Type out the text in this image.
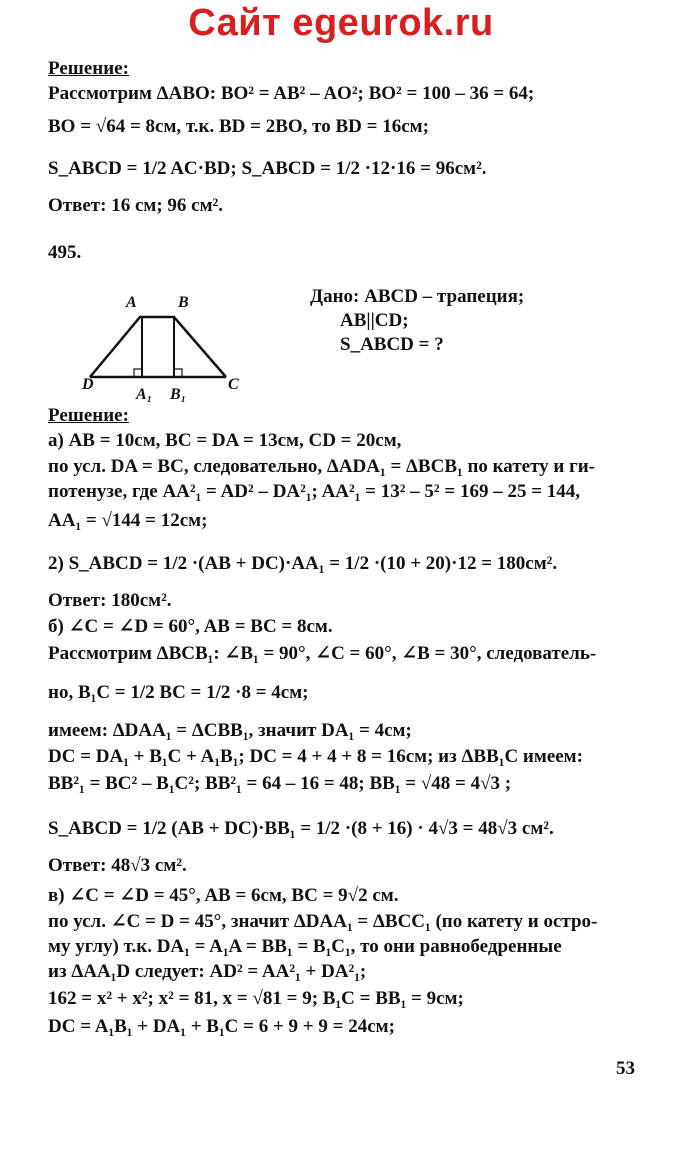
Сайт egeurok.ru
Решение:
Рассмотрим ΔABO: BO² = AB² – AO²; BO² = 100 – 36 = 64;
BO = √64 = 8см, т.к. BD = 2BO, то BD = 16см;
S_ABCD = 1/2 AC·BD; S_ABCD = 1/2 ·12·16 = 96см².
Ответ: 16 см; 96 см².
495.
A	B
D	C
A₁ B₁
Дано: ABCD – трапеция;
AB||CD;
S_ABCD = ?
Решение:
а) AB = 10см, BC = DA = 13см, CD = 20см,
по усл. DA = BC, следовательно, ΔADA₁ = ΔBCB₁ по катету и ги-
потенузе, где AA²₁ = AD² – DA²₁; AA²₁ = 13² – 5² = 169 – 25 = 144,
AA₁ = √144 = 12см;
2) S_ABCD = 1/2 ·(AB + DC)·AA₁ = 1/2 ·(10 + 20)·12 = 180см².
Ответ: 180см².
б) ∠C = ∠D = 60°, AB = BC = 8см.
Рассмотрим ΔBCB₁: ∠B₁ = 90°, ∠C = 60°, ∠B = 30°, следователь-
но, B₁C = 1/2 BC = 1/2 ·8 = 4см;
имеем: ΔDAA₁ = ΔCBB₁, значит DA₁ = 4см;
DC = DA₁ + B₁C + A₁B₁; DC = 4 + 4 + 8 = 16см; из ΔBB₁C имеем:
BB²₁ = BC² – B₁C²; BB²₁ = 64 – 16 = 48; BB₁ = √48 = 4√3 ;
S_ABCD = 1/2 (AB + DC)·BB₁ = 1/2 ·(8 + 16) · 4√3 = 48√3 см².
Ответ: 48√3 см².
в) ∠C = ∠D = 45°, AB = 6см, BC = 9√2 см.
по усл. ∠C = D = 45°, значит ΔDAA₁ = ΔBCC₁ (по катету и остро-
му углу) т.к. DA₁ = A₁A = BB₁ = B₁C₁, то они равнобедренные
из ΔAA₁D следует: AD² = AA²₁ + DA²₁;
162 = x² + x²; x² = 81, x = √81 = 9; B₁C = BB₁ = 9см;
DC = A₁B₁ + DA₁ + B₁C = 6 + 9 + 9 = 24см;
53
